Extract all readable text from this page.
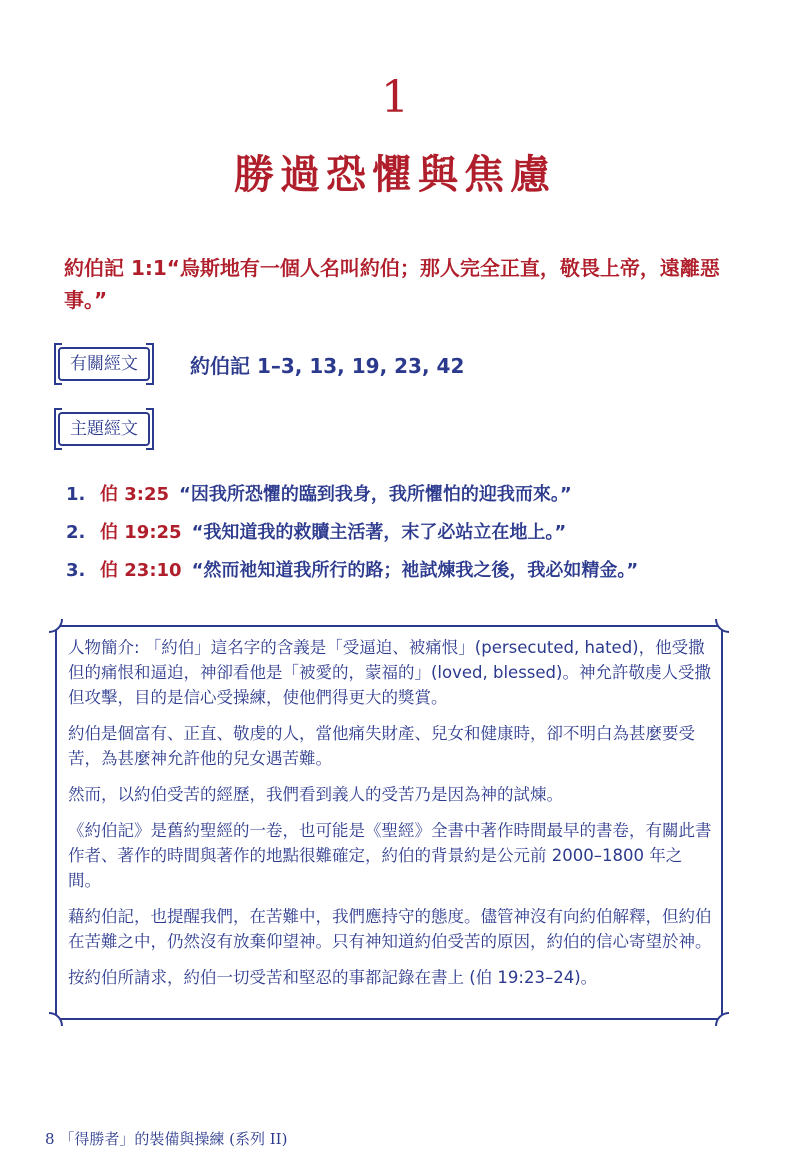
1
勝過恐懼與焦慮
約伯記 1:1“烏斯地有一個人名叫約伯；那人完全正直，敬畏上帝，遠離惡事。”
有關經文	約伯記 1–3, 13, 19, 23, 42
主題經文
1. 伯 3:25 “因我所恐懼的臨到我身，我所懼怕的迎我而來。”
2. 伯 19:25 “我知道我的救贖主活著，末了必站立在地上。”
3. 伯 23:10 “然而祂知道我所行的路；祂試煉我之後，我必如精金。”

人物簡介: 「約伯」這名字的含義是「受逼迫、被痛恨」(persecuted, hated)，他受撒但的痛恨和逼迫，神卻看他是「被愛的，蒙福的」(loved, blessed)。神允許敬虔人受撒但攻擊，目的是信心受操練，使他們得更大的獎賞。

約伯是個富有、正直、敬虔的人，當他痛失財產、兒女和健康時，卻不明白為甚麼要受苦，為甚麼神允許他的兒女遇苦難。

然而，以約伯受苦的經歷，我們看到義人的受苦乃是因為神的試煉。

《約伯記》是舊約聖經的一卷，也可能是《聖經》全書中著作時間最早的書卷，有關此書作者、著作的時間與著作的地點很難確定，約伯的背景約是公元前 2000–1800 年之間。

藉約伯記，也提醒我們，在苦難中，我們應持守的態度。儘管神沒有向約伯解釋，但約伯在苦難之中，仍然沒有放棄仰望神。只有神知道約伯受苦的原因，約伯的信心寄望於神。

按約伯所請求，約伯一切受苦和堅忍的事都記錄在書上 (伯 19:23–24)。

8 「得勝者」的裝備與操練 (系列 II)
